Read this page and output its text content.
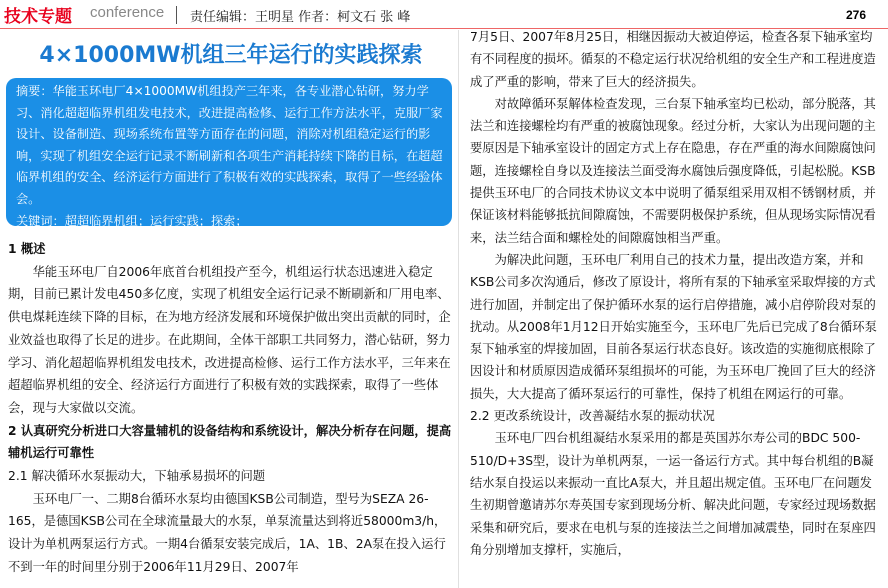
技术专题 conference 责任编辑：王明星 作者：柯文石 张 峰	276
4×1000MW机组三年运行的实践探索

摘要：华能玉环电厂4×1000MW机组投产三年来，各专业潜心钻研，努力学习、消化超超临界机组发电技术，改进提高检修、运行工作方法水平，克服厂家设计、设备制造、现场系统布置等方面存在的问题，消除对机组稳定运行的影响，实现了机组安全运行记录不断刷新和各项生产消耗持续下降的目标，在超超临界机组的安全、经济运行方面进行了积极有效的实践探索，取得了一些经验体会。

关键词：超超临界机组；运行实践；探索；

1 概述

华能玉环电厂自2006年底首台机组投产至今，机组运行状态迅速进入稳定期，目前已累计发电450多亿度，实现了机组安全运行记录不断刷新和厂用电率、供电煤耗连续下降的目标，在为地方经济发展和环境保护做出突出贡献的同时，企业效益也取得了长足的进步。在此期间，全体干部职工共同努力，潜心钻研，努力学习、消化超超临界机组发电技术，改进提高检修、运行工作方法水平，三年来在超超临界机组的安全、经济运行方面进行了积极有效的实践探索，取得了一些体会，现与大家做以交流。

2 认真研究分析进口大容量辅机的设备结构和系统设计，解决分析存在问题，提高辅机运行可靠性

2.1 解决循环水泵振动大，下轴承易损坏的问题

玉环电厂一、二期8台循环水泵均由德国KSB公司制造，型号为SEZA 26-165，是德国KSB公司在全球流量最大的水泵，单泵流量达到将近58000m3/h，设计为单机两泵运行方式。一期4台循泵安装完成后，1A、1B、2A泵在投入运行不到一年的时间里分别于2006年11月29日、2007年

7月5日、2007年8月25日，相继因振动大被迫停运，检查各泵下轴承室均有不同程度的损坏。循泵的不稳定运行状况给机组的安全生产和工程进度造成了严重的影响，带来了巨大的经济损失。

对故障循环泵解体检查发现，三台泵下轴承室均已松动，部分脱落，其法兰和连接螺栓均有严重的被腐蚀现象。经过分析，大家认为出现问题的主要原因是下轴承室设计的固定方式上存在隐患，存在严重的海水间隙腐蚀问题，连接螺栓自身以及连接法兰面受海水腐蚀后强度降低，引起松脱。KSB提供玉环电厂的合同技术协议文本中说明了循泵组采用双相不锈钢材质，并保证该材料能够抵抗间隙腐蚀，不需要阴极保护系统，但从现场实际情况看来，法兰结合面和螺栓处的间隙腐蚀相当严重。

为解决此问题，玉环电厂利用自己的技术力量，提出改造方案，并和KSB公司多次沟通后，修改了原设计，将所有泵的下轴承室采取焊接的方式进行加固，并制定出了保护循环水泵的运行启停措施，减小启停阶段对泵的扰动。从2008年1月12日开始实施至今，玉环电厂先后已完成了8台循环泵泵下轴承室的焊接加固，目前各泵运行状态良好。该改造的实施彻底根除了因设计和材质原因造成循环泵组损坏的可能，为玉环电厂挽回了巨大的经济损失，大大提高了循环泵运行的可靠性，保持了机组在网运行的可靠。

2.2 更改系统设计，改善凝结水泵的振动状况

玉环电厂四台机组凝结水泵采用的都是英国苏尔寿公司的BDC 500-510/D+3S型，设计为单机两泵，一运一备运行方式。其中每台机组的B凝结水泵自投运以来振动一直比A泵大，并且超出规定值。玉环电厂在问题发生初期曾邀请苏尔寿英国专家到现场分析、解决此问题，专家经过现场数据采集和研究后，要求在电机与泵的连接法兰之间增加减震垫，同时在泵座四角分别增加支撑杆，实施后，
